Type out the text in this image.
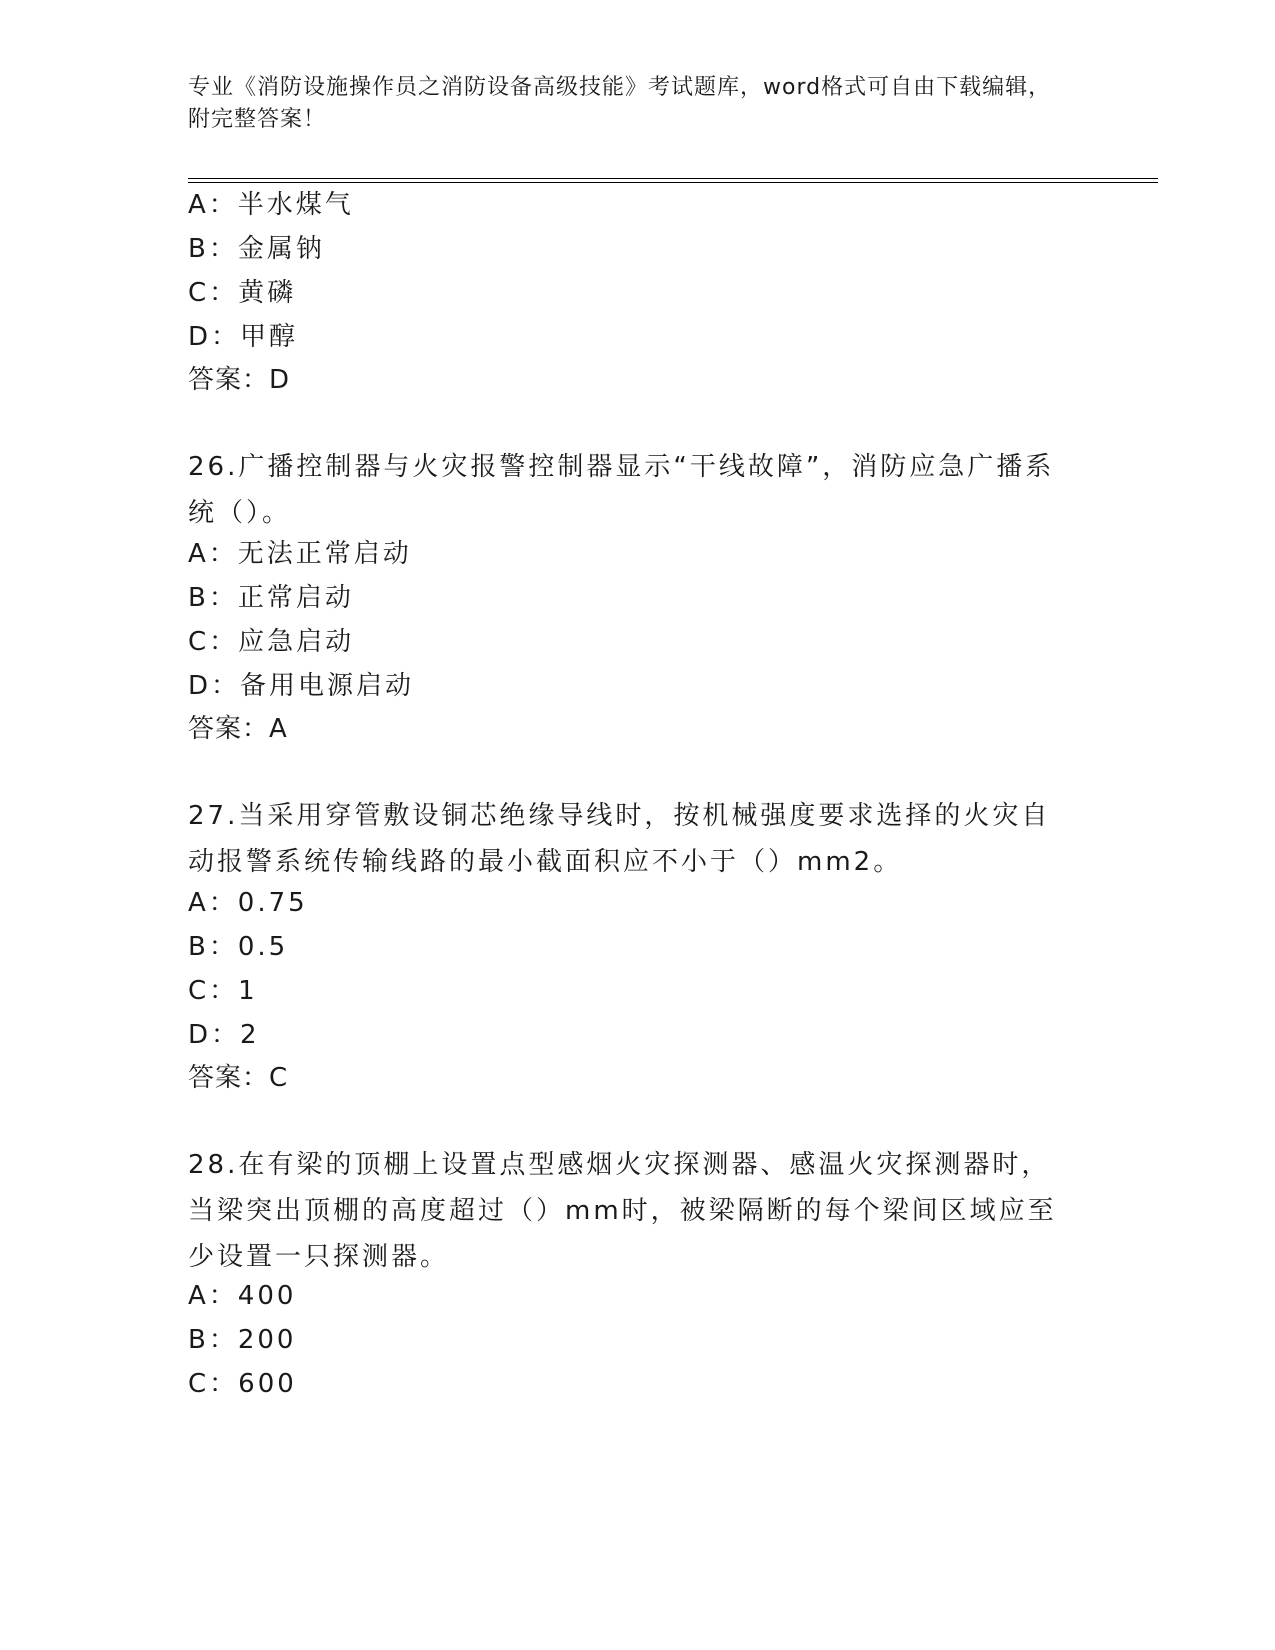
专业《消防设施操作员之消防设备高级技能》考试题库，word格式可自由下载编辑，附完整答案！
A：半水煤气
B：金属钠
C：黄磷
D：甲醇
答案：D
26.广播控制器与火灾报警控制器显示“干线故障”，消防应急广播系统（）。
A：无法正常启动
B：正常启动
C：应急启动
D：备用电源启动
答案：A
27.当采用穿管敷设铜芯绝缘导线时，按机械强度要求选择的火灾自动报警系统传输线路的最小截面积应不小于（）mm2。
A：0.75
B：0.5
C：1
D：2
答案：C
28.在有梁的顶棚上设置点型感烟火灾探测器、感温火灾探测器时，当梁突出顶棚的高度超过（）mm时，被梁隔断的每个梁间区域应至少设置一只探测器。
A：400
B：200
C：600
